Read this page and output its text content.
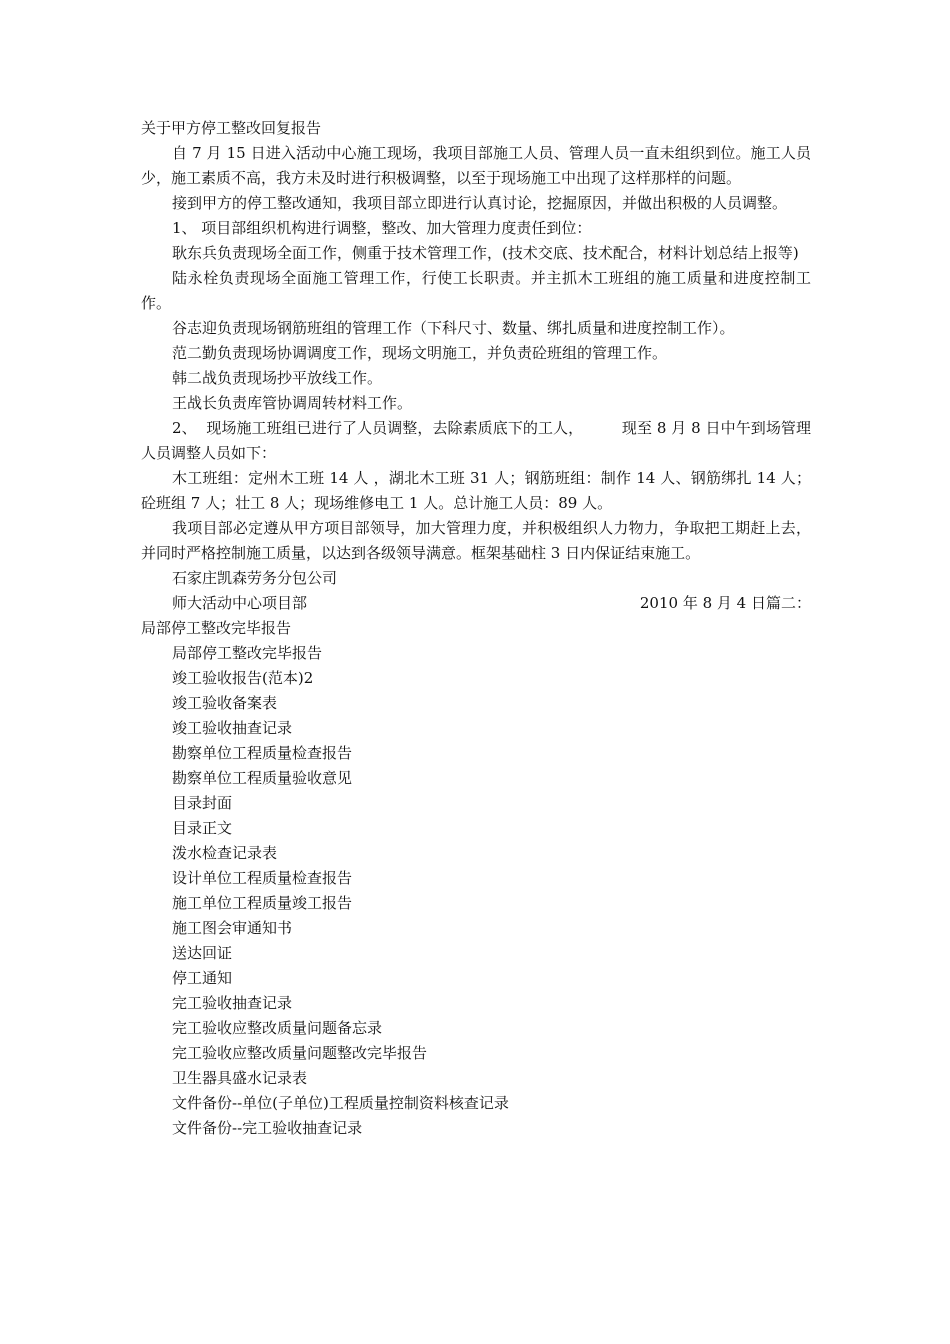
关于甲方停工整改回复报告
自 7 月 15 日进入活动中心施工现场，我项目部施工人员、管理人员一直未组织到位。施工人员少，施工素质不高，我方未及时进行积极调整，以至于现场施工中出现了这样那样的问题。
接到甲方的停工整改通知，我项目部立即进行认真讨论，挖掘原因，并做出积极的人员调整。
1、 项目部组织机构进行调整，整改、加大管理力度责任到位：
耿东兵负责现场全面工作，侧重于技术管理工作，(技术交底、技术配合，材料计划总结上报等)
陆永栓负责现场全面施工管理工作，行使工长职责。并主抓木工班组的施工质量和进度控制工作。
谷志迎负责现场钢筋班组的管理工作（下科尺寸、数量、绑扎质量和进度控制工作）。
范二勤负责现场协调调度工作，现场文明施工，并负责砼班组的管理工作。
韩二战负责现场抄平放线工作。
王战长负责库管协调周转材料工作。
2、  现场施工班组已进行了人员调整，去除素质底下的工人，        现至 8 月 8 日中午到场管理人员调整人员如下：
木工班组：定州木工班 14 人 ，湖北木工班 31 人；钢筋班组：制作 14 人、钢筋绑扎 14 人；砼班组 7 人；壮工 8 人；现场维修电工 1 人。总计施工人员：89 人。
我项目部必定遵从甲方项目部领导，加大管理力度，并积极组织人力物力，争取把工期赶上去，并同时严格控制施工质量，以达到各级领导满意。框架基础柱 3 日内保证结束施工。
石家庄凯森劳务分包公司
师大活动中心项目部	2010 年 8 月 4 日篇二：
局部停工整改完毕报告
局部停工整改完毕报告
竣工验收报告(范本)2
竣工验收备案表
竣工验收抽查记录
勘察单位工程质量检查报告
勘察单位工程质量验收意见
目录封面
目录正文
泼水检查记录表
设计单位工程质量检查报告
施工单位工程质量竣工报告
施工图会审通知书
送达回证
停工通知
完工验收抽查记录
完工验收应整改质量问题备忘录
完工验收应整改质量问题整改完毕报告
卫生器具盛水记录表
文件备份--单位(子单位)工程质量控制资料核查记录
文件备份--完工验收抽查记录
